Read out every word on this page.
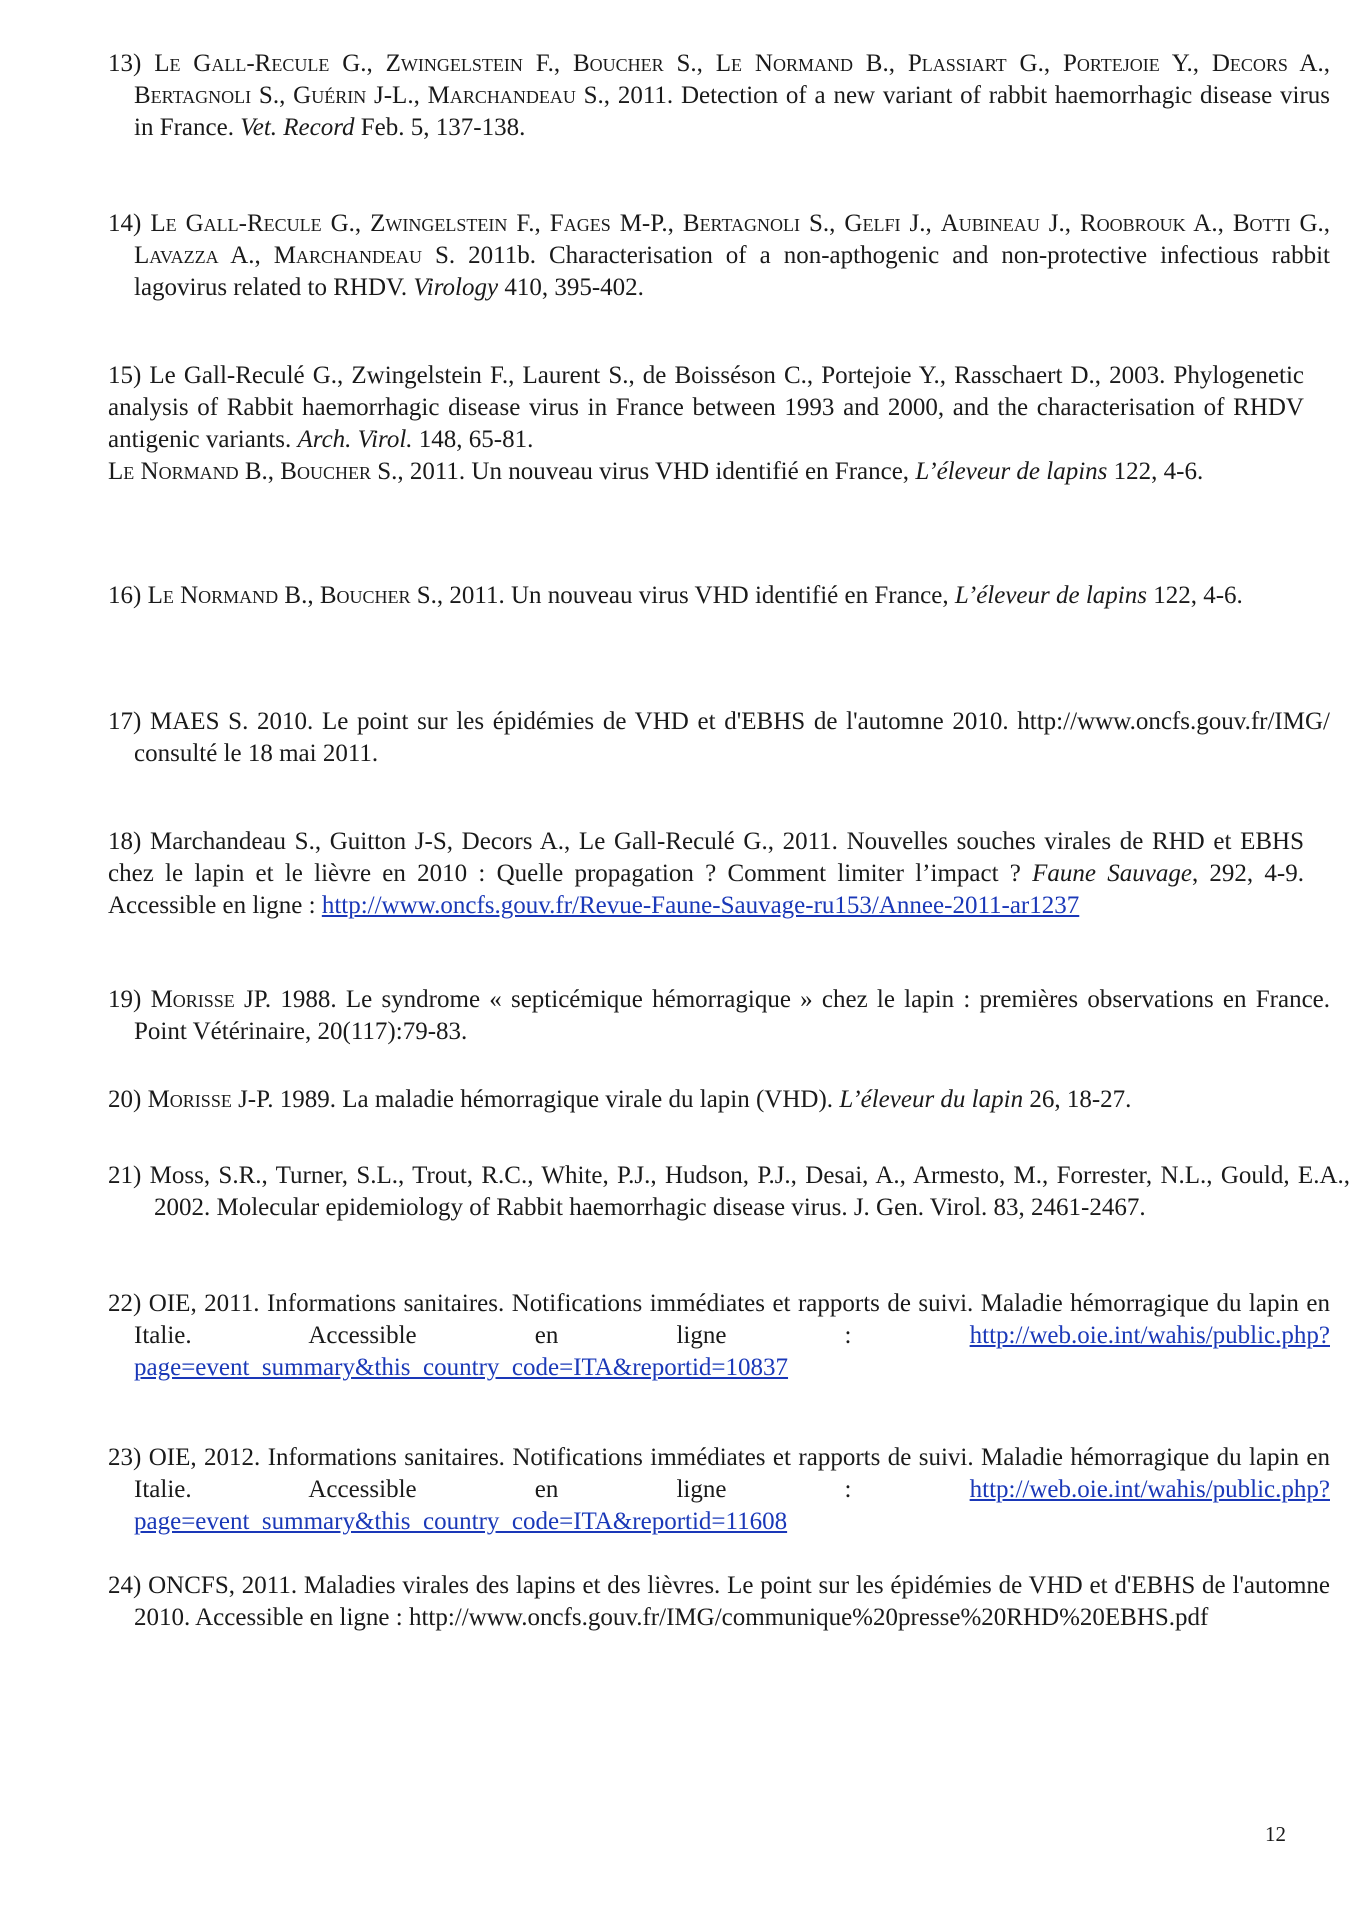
13) Le Gall-Recule G., Zwingelstein F., Boucher S., Le Normand B., Plassiart G., Portejoie Y., Decors A., Bertagnoli S., Guérin J-L., Marchandeau S., 2011. Detection of a new variant of rabbit haemorrhagic disease virus in France. Vet. Record Feb. 5, 137-138.

14) Le Gall-Recule G., Zwingelstein F., Fages M-P., Bertagnoli S., Gelfi J., Aubineau J., Roobrouk A., Botti G., Lavazza A., Marchandeau S. 2011b. Characterisation of a non-apthogenic and non-protective infectious rabbit lagovirus related to RHDV. Virology 410, 395-402.

15) Le Gall-Reculé G., Zwingelstein F., Laurent S., de Boisséson C., Portejoie Y., Rasschaert D., 2003. Phylogenetic analysis of Rabbit haemorrhagic disease virus in France between 1993 and 2000, and the characterisation of RHDV antigenic variants. Arch. Virol. 148, 65-81.

Le Normand B., Boucher S., 2011. Un nouveau virus VHD identifié en France, L’éleveur de lapins 122, 4-6.

16) Le Normand B., Boucher S., 2011. Un nouveau virus VHD identifié en France, L’éleveur de lapins 122, 4-6.

17) MAES S. 2010. Le point sur les épidémies de VHD et d'EBHS de l'automne 2010. http://www.oncfs.gouv.fr/IMG/ consulté le 18 mai 2011.

18) Marchandeau S., Guitton J-S, Decors A., Le Gall-Reculé G., 2011. Nouvelles souches virales de RHD et EBHS chez le lapin et le lièvre en 2010 : Quelle propagation ? Comment limiter l’impact ? Faune Sauvage, 292, 4-9. Accessible en ligne : http://www.oncfs.gouv.fr/Revue-Faune-Sauvage-ru153/Annee-2011-ar1237

19) Morisse JP. 1988. Le syndrome « septicémique hémorragique » chez le lapin : premières observations en France. Point Vétérinaire, 20(117):79-83.

20) Morisse J-P. 1989. La maladie hémorragique virale du lapin (VHD). L’éleveur du lapin 26, 18-27.

21) Moss, S.R., Turner, S.L., Trout, R.C., White, P.J., Hudson, P.J., Desai, A., Armesto, M., Forrester, N.L., Gould, E.A., 2002. Molecular epidemiology of Rabbit haemorrhagic disease virus. J. Gen. Virol. 83, 2461-2467.

22) OIE, 2011. Informations sanitaires. Notifications immédiates et rapports de suivi. Maladie hémorragique du lapin en Italie. Accessible en ligne : http://web.oie.int/wahis/public.php?page=event_summary&this_country_code=ITA&reportid=10837

23) OIE, 2012. Informations sanitaires. Notifications immédiates et rapports de suivi. Maladie hémorragique du lapin en Italie. Accessible en ligne : http://web.oie.int/wahis/public.php?page=event_summary&this_country_code=ITA&reportid=11608

24) ONCFS, 2011. Maladies virales des lapins et des lièvres. Le point sur les épidémies de VHD et d'EBHS de l'automne 2010. Accessible en ligne : http://www.oncfs.gouv.fr/IMG/communique%20presse%20RHD%20EBHS.pdf

12
